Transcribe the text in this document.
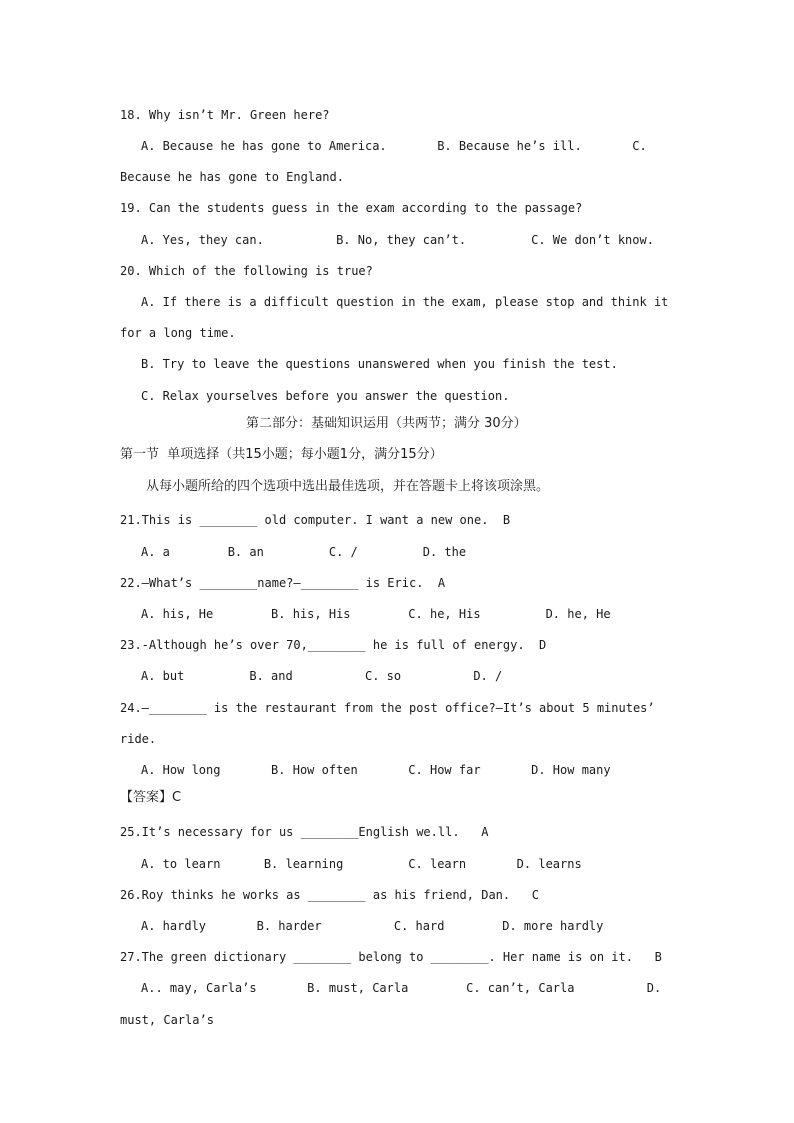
18. Why isn’t Mr. Green here?
A. Because he has gone to America.       B. Because he’s ill.       C.
Because he has gone to England.
19. Can the students guess in the exam according to the passage?
A. Yes, they can.          B. No, they can’t.         C. We don’t know.
20. Which of the following is true?
A. If there is a difficult question in the exam, please stop and think it
for a long time.
B. Try to leave the questions unanswered when you finish the test.
C. Relax yourselves before you answer the question.
第二部分：基础知识运用（共两节；满分 30分）
第一节  单项选择（共15小题；每小题1分，满分15分）
从每小题所给的四个选项中选出最佳选项，并在答题卡上将该项涂黑。
21.This is ________ old computer. I want a new one.  B
A. a        B. an         C. /         D. the
22.—What’s ________name?—________ is Eric.  A
A. his, He        B. his, His        C. he, His         D. he, He
23.-Although he’s over 70,________ he is full of energy.  D
A. but         B. and          C. so          D. /
24.—________ is the restaurant from the post office?—It’s about 5 minutes’
ride.
A. How long       B. How often       C. How far       D. How many
【答案】C
25.It’s necessary for us ________English we.ll.   A
A. to learn      B. learning         C. learn       D. learns
26.Roy thinks he works as ________ as his friend, Dan.   C
A. hardly       B. harder          C. hard        D. more hardly
27.The green dictionary ________ belong to ________. Her name is on it.   B
A.. may, Carla’s       B. must, Carla        C. can’t, Carla          D.
must, Carla’s
